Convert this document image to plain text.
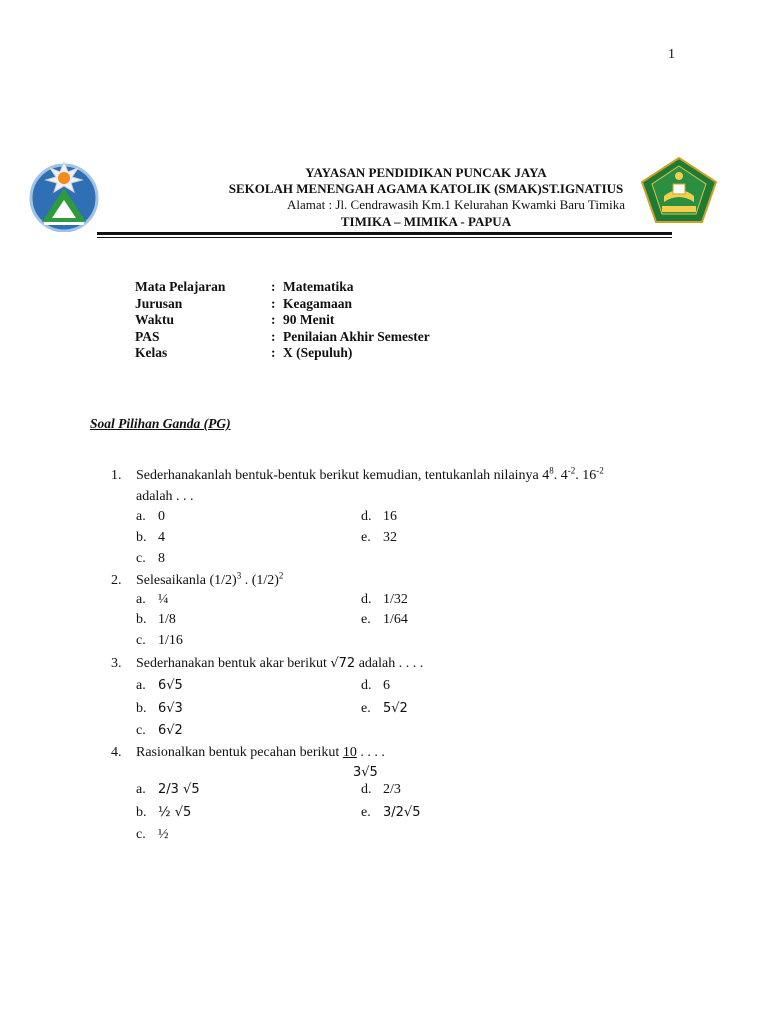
1
YAYASAN PENDIDIKAN PUNCAK JAYA
SEKOLAH MENENGAH AGAMA KATOLIK (SMAK)ST.IGNATIUS
Alamat : Jl. Cendrawasih Km.1 Kelurahan Kwamki Baru Timika
TIMIKA – MIMIKA - PAPUA
Mata Pelajaran	: Matematika
Jurusan	: Keagamaan
Waktu	: 90 Menit
PAS	: Penilaian Akhir Semester
Kelas	: X (Sepuluh)
Soal Pilihan Ganda (PG)
1. Sederhanakanlah bentuk-bentuk berikut kemudian, tentukanlah nilainya $4^8$. $4^{-2}$. $16^{-2}$
adalah . . .
a. 0	d. 16
b. 4	e. 32
c. 8
2. Selesaikanla $(1/2)^3$ . $(1/2)^2$
a. ¼	d. 1/32
b. 1/8	e. 1/64
c. 1/16
3. Sederhanakan bentuk akar berikut √72 adalah . . . .
a. 6√5	d. 6
b. 6√3	e. 5√2
c. 6√2
4. Rasionalkan bentuk pecahan berikut 10 . . . .
3√5
a. 2/3 √5	d. 2/3
b. ½ √5	e. 3/2√5
c. ½
